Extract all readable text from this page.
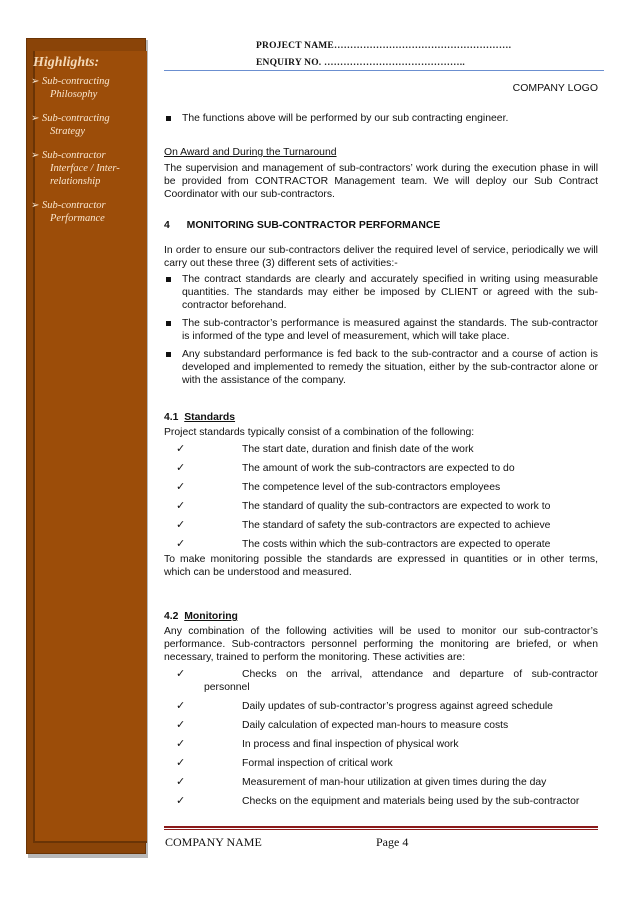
Highlights:
➢ Sub-contracting
Philosophy
➢ Sub-contracting
Strategy
➢ Sub-contractor
Interface / Inter-
relationship
➢ Sub-contractor
Performance
PROJECT NAME……………………………………………….
ENQUIRY NO. ……………………………………..
COMPANY LOGO
The functions above will be performed by our sub contracting engineer.

On Award and During the Turnaround

The supervision and management of sub-contractors’ work during the execution phase in will be provided from CONTRACTOR Management team. We will deploy our Sub Contract Coordinator with our sub-contractors.

4 MONITORING SUB-CONTRACTOR PERFORMANCE

In order to ensure our sub-contractors deliver the required level of service, periodically we will carry out these three (3) different sets of activities:-

The contract standards are clearly and accurately specified in writing using measurable quantities. The standards may either be imposed by CLIENT or agreed with the sub-contractor beforehand.
The sub-contractor’s performance is measured against the standards. The sub-contractor is informed of the type and level of measurement, which will take place.
Any substandard performance is fed back to the sub-contractor and a course of action is developed and implemented to remedy the situation, either by the sub-contractor alone or with the assistance of the company.

4.1 Standards

Project standards typically consist of a combination of the following:

✓	The start date, duration and finish date of the work
✓	The amount of work the sub-contractors are expected to do
✓	The competence level of the sub-contractors employees
✓	The standard of quality the sub-contractors are expected to work to
✓	The standard of safety the sub-contractors are expected to achieve
✓	The costs within which the sub-contractors are expected to operate

To make monitoring possible the standards are expressed in quantities or in other terms, which can be understood and measured.

4.2 Monitoring

Any combination of the following activities will be used to monitor our sub-contractor’s performance. Sub-contractors personnel performing the monitoring are briefed, or when necessary, trained to perform the monitoring. These activities are:

✓	Checks on the arrival, attendance and departure of sub-contractor
personnel
✓	Daily updates of sub-contractor’s progress against agreed schedule
✓	Daily calculation of expected man-hours to measure costs
✓	In process and final inspection of physical work
✓	Formal inspection of critical work
✓	Measurement of man-hour utilization at given times during the day
✓	Checks on the equipment and materials being used by the sub-contractor
COMPANY NAME	Page 4
